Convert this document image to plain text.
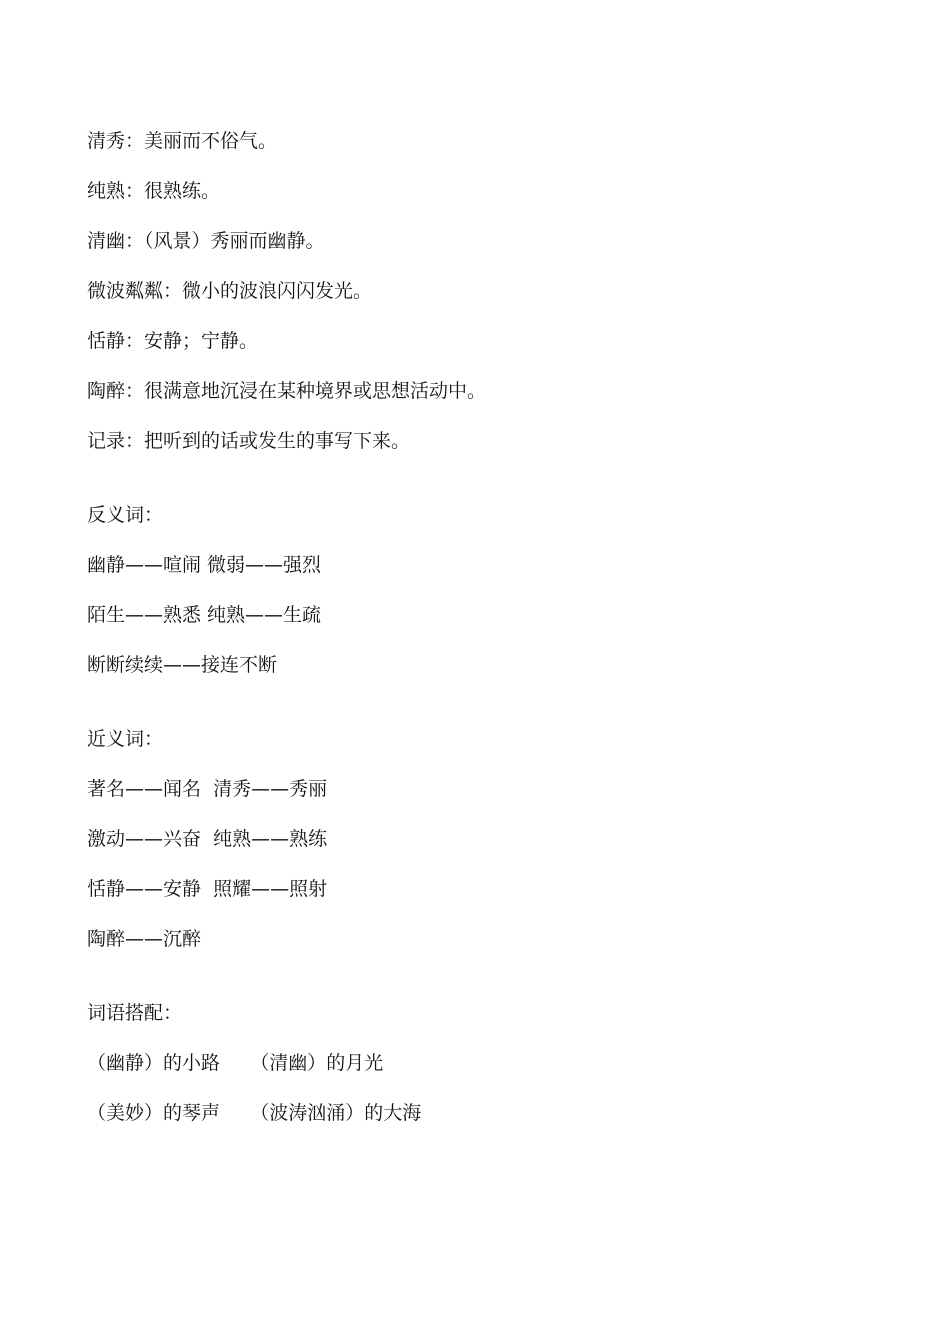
清秀：美丽而不俗气。
纯熟：很熟练。
清幽：（风景）秀丽而幽静。
微波粼粼：微小的波浪闪闪发光。
恬静：安静；宁静。
陶醉：很满意地沉浸在某种境界或思想活动中。
记录：把听到的话或发生的事写下来。
反义词：
幽静——喧闹 微弱——强烈
陌生——熟悉 纯熟——生疏
断断续续——接连不断
近义词：
著名——闻名  清秀——秀丽
激动——兴奋  纯熟——熟练
恬静——安静  照耀——照射
陶醉——沉醉
词语搭配：
（幽静）的小路     （清幽）的月光
（美妙）的琴声     （波涛汹涌）的大海
